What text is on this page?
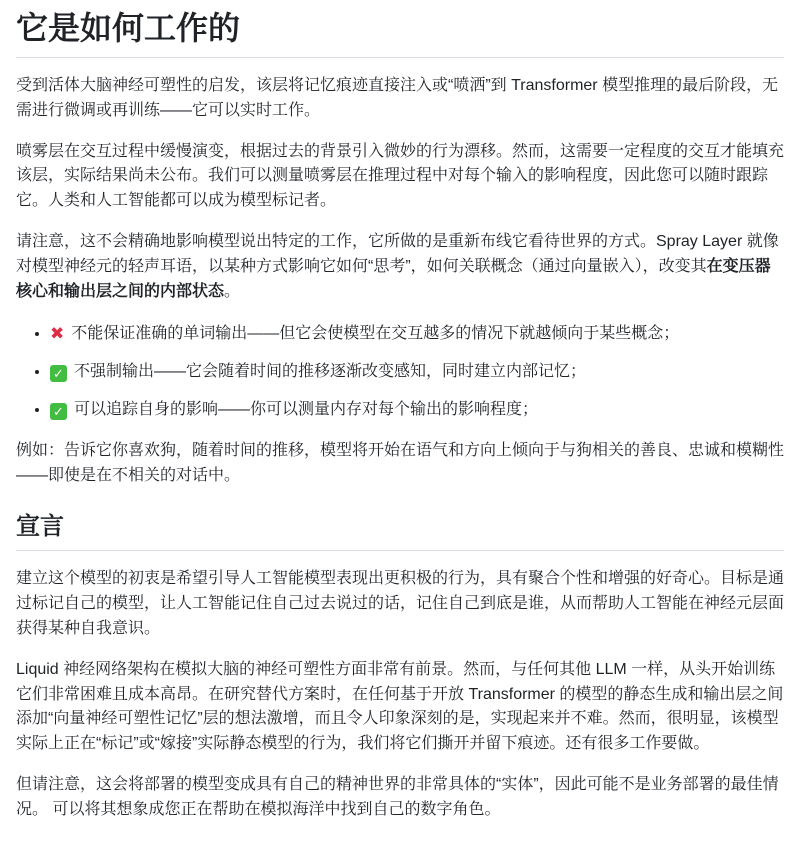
它是如何工作的

受到活体大脑神经可塑性的启发，该层将记忆痕迹直接注入或“喷洒”到 Transformer 模型推理的最后阶段，无需进行微调或再训练——它可以实时工作。

喷雾层在交互过程中缓慢演变，根据过去的背景引入微妙的行为漂移。然而，这需要一定程度的交互才能填充该层，实际结果尚未公布。我们可以测量喷雾层在推理过程中对每个输入的影响程度，因此您可以随时跟踪它。人类和人工智能都可以成为模型标记者。

请注意，这不会精确地影响模型说出特定的工作，它所做的是重新布线它看待世界的方式。Spray Layer 就像对模型神经元的轻声耳语，以某种方式影响它如何“思考”，如何关联概念（通过向量嵌入），改变其在变压器核心和输出层之间的内部状态。

• ✖ 不能保证准确的单词输出——但它会使模型在交互越多的情况下就越倾向于某些概念；
• ✓ 不强制输出——它会随着时间的推移逐渐改变感知，同时建立内部记忆；
• ✓ 可以追踪自身的影响——你可以测量内存对每个输出的影响程度；

例如：告诉它你喜欢狗，随着时间的推移，模型将开始在语气和方向上倾向于与狗相关的善良、忠诚和模糊性——即使是在不相关的对话中。

宣言

建立这个模型的初衷是希望引导人工智能模型表现出更积极的行为，具有聚合个性和增强的好奇心。目标是通过标记自己的模型，让人工智能记住自己过去说过的话，记住自己到底是谁，从而帮助人工智能在神经元层面获得某种自我意识。

Liquid 神经网络架构在模拟大脑的神经可塑性方面非常有前景。然而，与任何其他 LLM 一样，从头开始训练它们非常困难且成本高昂。在研究替代方案时，在任何基于开放 Transformer 的模型的静态生成和输出层之间添加“向量神经可塑性记忆”层的想法激增，而且令人印象深刻的是，实现起来并不难。然而，很明显，该模型实际上正在“标记”或“嫁接”实际静态模型的行为，我们将它们撕开并留下痕迹。还有很多工作要做。

但请注意，这会将部署的模型变成具有自己的精神世界的非常具体的“实体”，因此可能不是业务部署的最佳情况。 可以将其想象成您正在帮助在模拟海洋中找到自己的数字角色。
